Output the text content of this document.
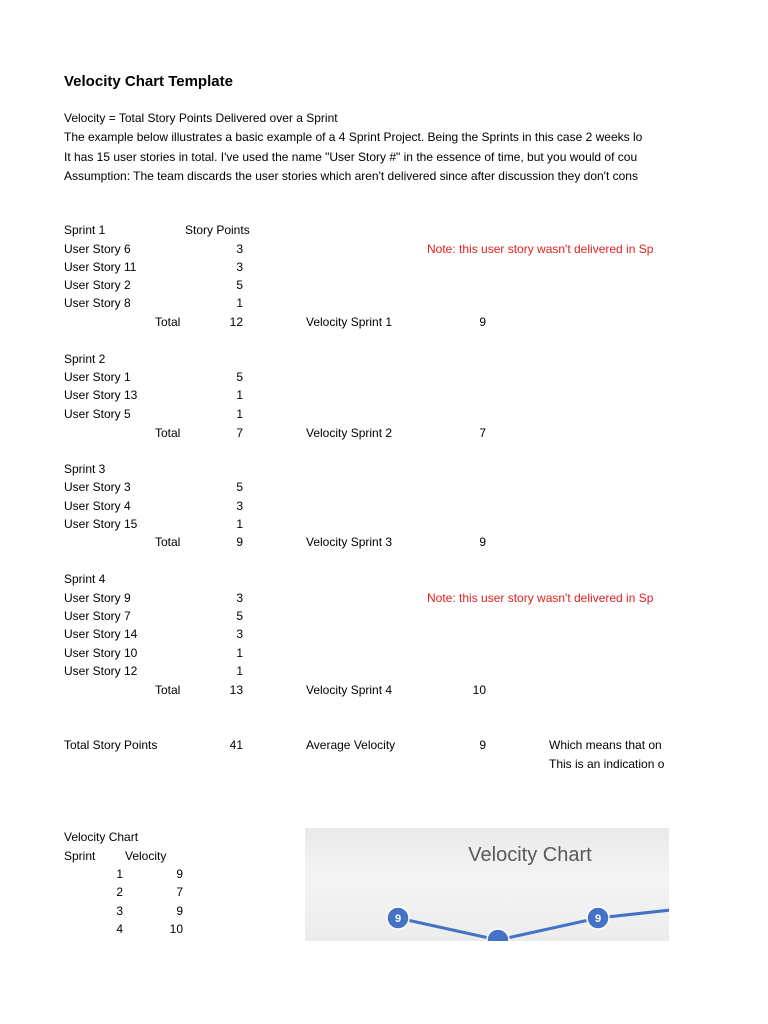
Velocity Chart Template
Velocity = Total Story Points Delivered over a Sprint
The example below illustrates a basic example of a 4 Sprint Project. Being the Sprints in this case 2 weeks lo
It has 15 user stories in total. I've used the name "User Story #" in the essence of time, but you would of cou
Assumption: The team discards the user stories which aren't delivered since after discussion they don't cons
Sprint 1	Story Points
User Story 6	3	Note: this user story wasn't delivered in Sp
User Story 11	3
User Story 2	5
User Story 8	1
Total	12	Velocity Sprint 1	9
Sprint 2
User Story 1	5
User Story 13	1
User Story 5	1
Total	7	Velocity Sprint 2	7
Sprint 3
User Story 3	5
User Story 4	3
User Story 15	1
Total	9	Velocity Sprint 3	9
Sprint 4
User Story 9	3	Note: this user story wasn't delivered in Sp
User Story 7	5
User Story 14	3
User Story 10	1
User Story 12	1
Total	13	Velocity Sprint 4	10
Total Story Points	41	Average Velocity	9	Which means that on
This is an indication o
Velocity Chart
Sprint Velocity
1	9
2	7
3	9
4	10
Velocity Chart
9	9
